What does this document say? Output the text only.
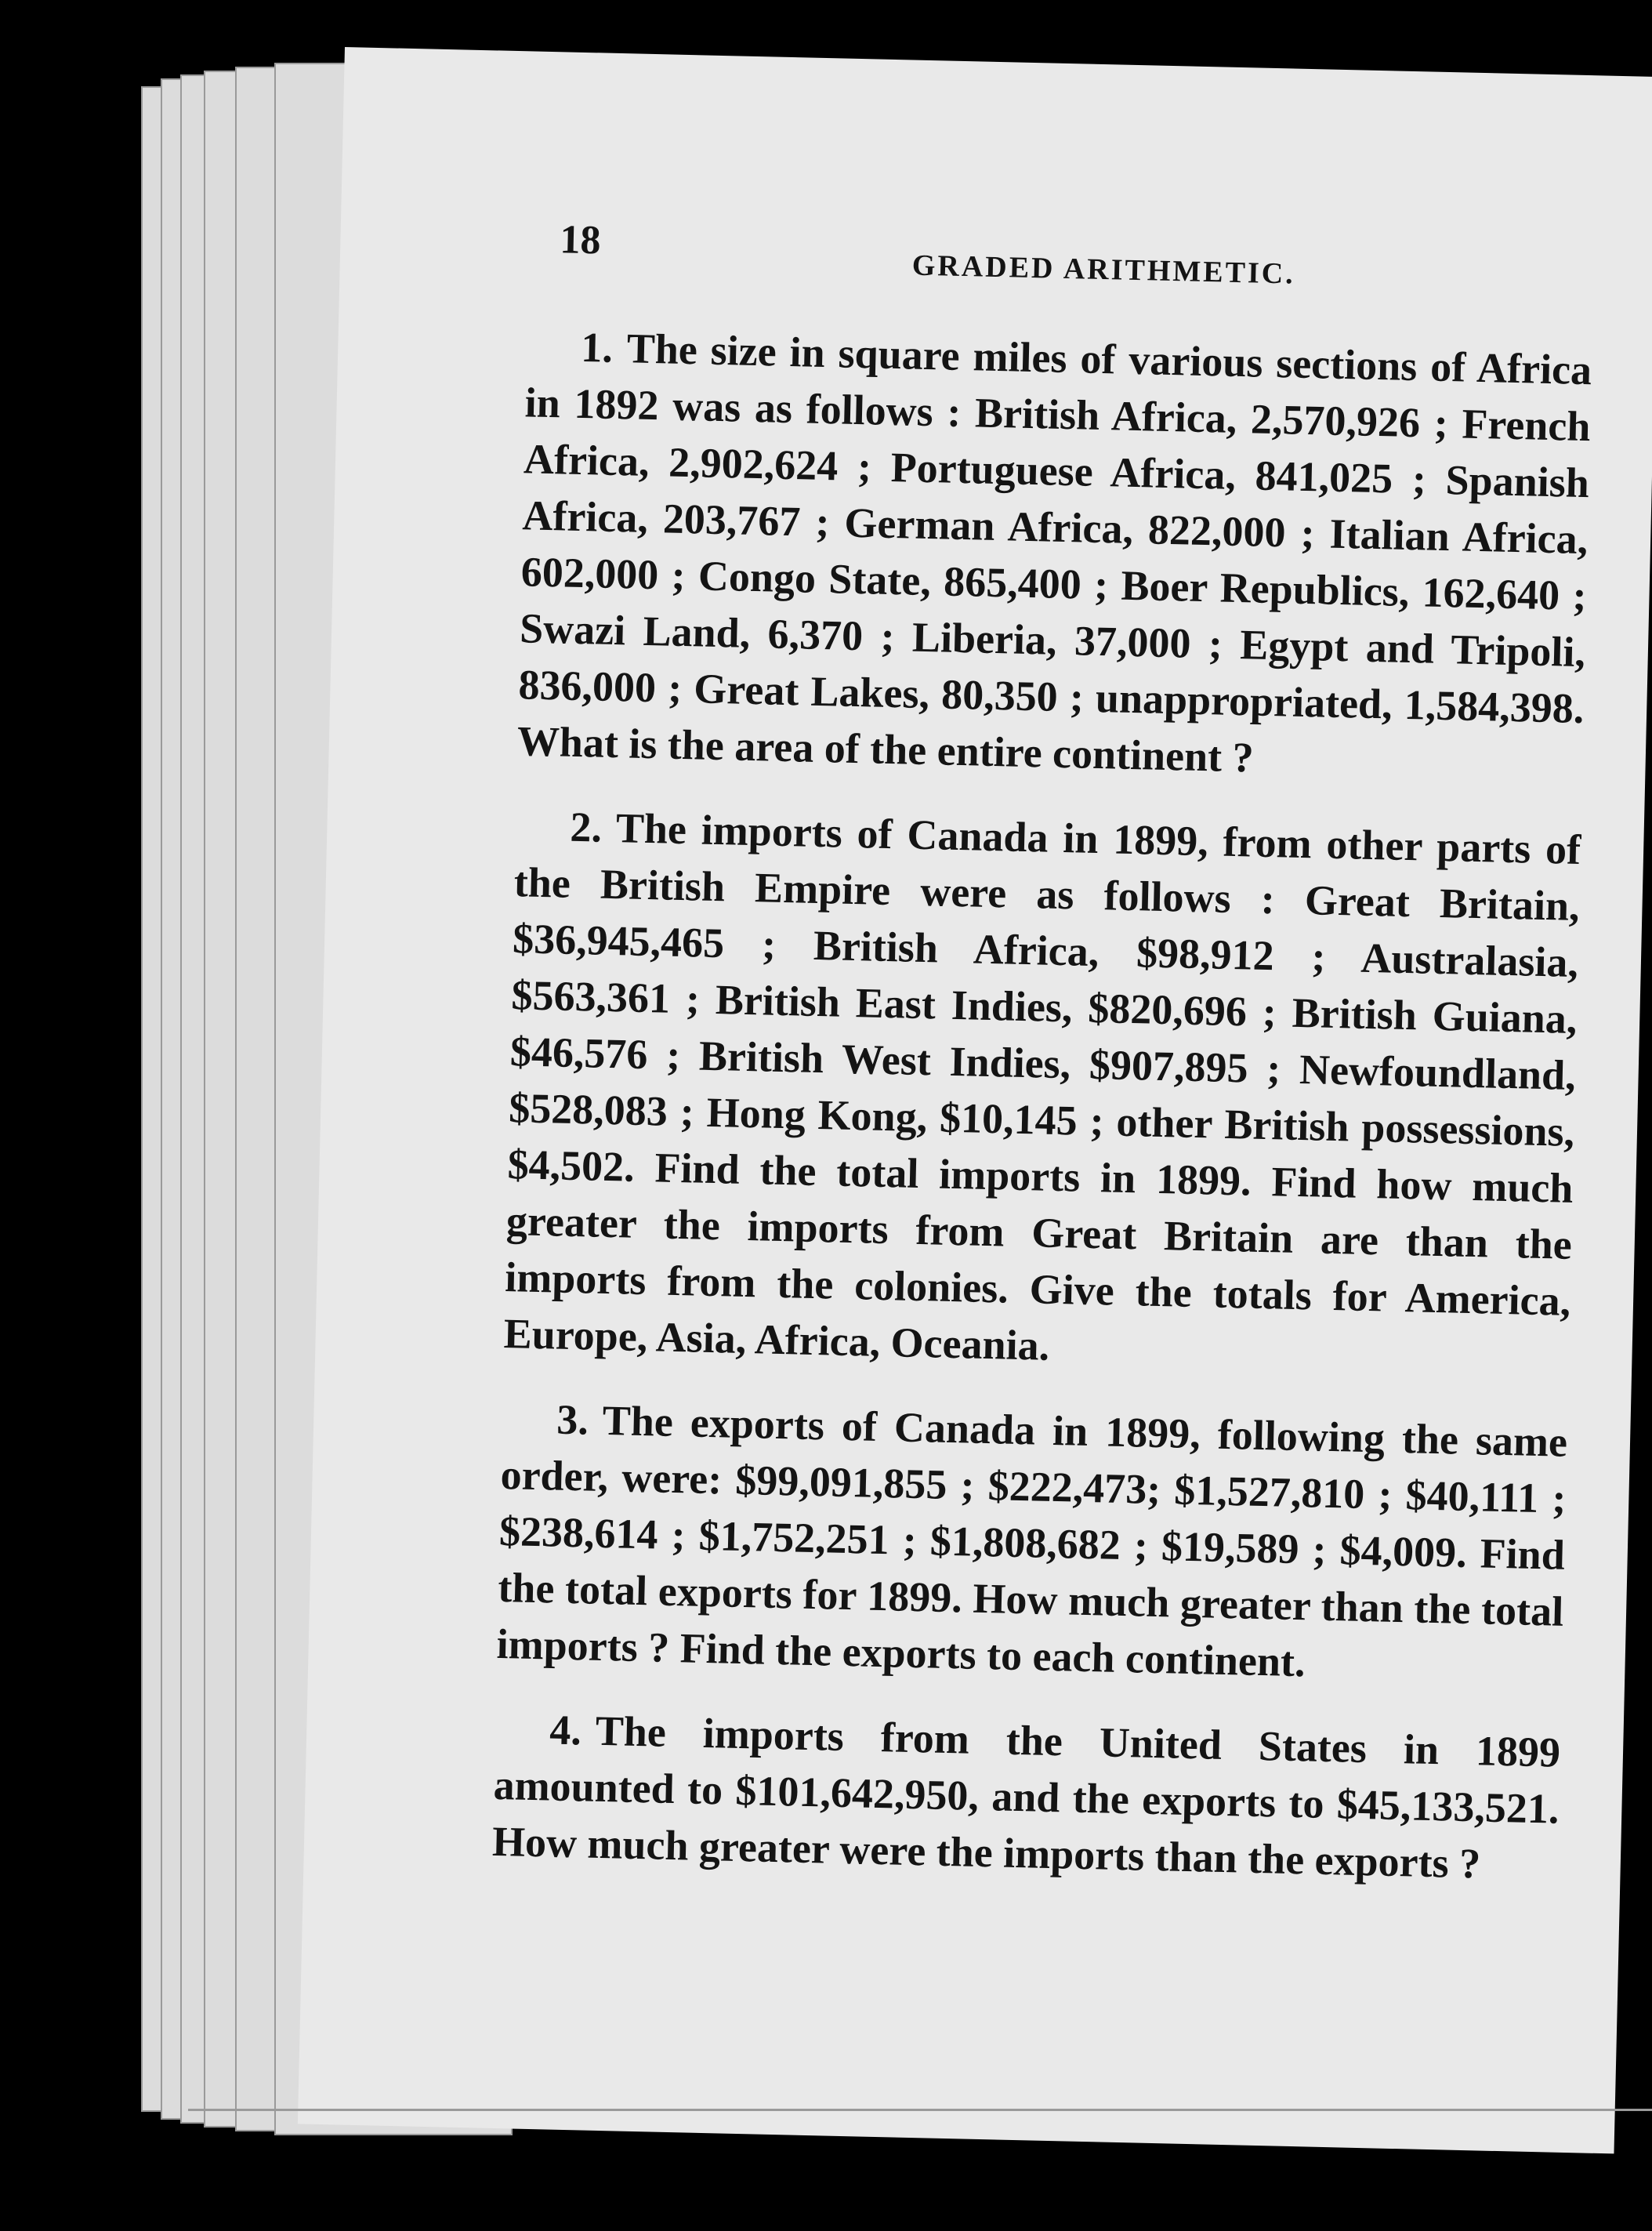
18
GRADED ARITHMETIC.

1. The size in square miles of various sections of Africa in 1892 was as follows : British Africa, 2,570,926 ; French Africa, 2,902,624 ; Portuguese Africa, 841,025 ; Spanish Africa, 203,767 ; German Africa, 822,000 ; Italian Africa, 602,000 ; Congo State, 865,400 ; Boer Republics, 162,640 ; Swazi Land, 6,370 ; Liberia, 37,000 ; Egypt and Tripoli, 836,000 ; Great Lakes, 80,350 ; unappropriated, 1,584,398. What is the area of the entire continent ?

2. The imports of Canada in 1899, from other parts of the British Empire were as follows : Great Britain, $36,945,465 ; British Africa, $98,912 ; Australasia, $563,361 ; British East Indies, $820,696 ; British Guiana, $46,576 ; British West Indies, $907,895 ; Newfoundland, $528,083 ; Hong Kong, $10,145 ; other British possessions, $4,502. Find the total imports in 1899. Find how much greater the imports from Great Britain are than the imports from the colonies. Give the totals for America, Europe, Asia, Africa, Oceania.

3. The exports of Canada in 1899, following the same order, were: $99,091,855 ; $222,473; $1,527,810 ; $40,111 ; $238,614 ; $1,752,251 ; $1,808,682 ; $19,589 ; $4,009. Find the total exports for 1899. How much greater than the total imports ? Find the exports to each continent.

4. The imports from the United States in 1899 amounted to $101,642,950, and the exports to $45,133,521. How much greater were the imports than the exports ?
